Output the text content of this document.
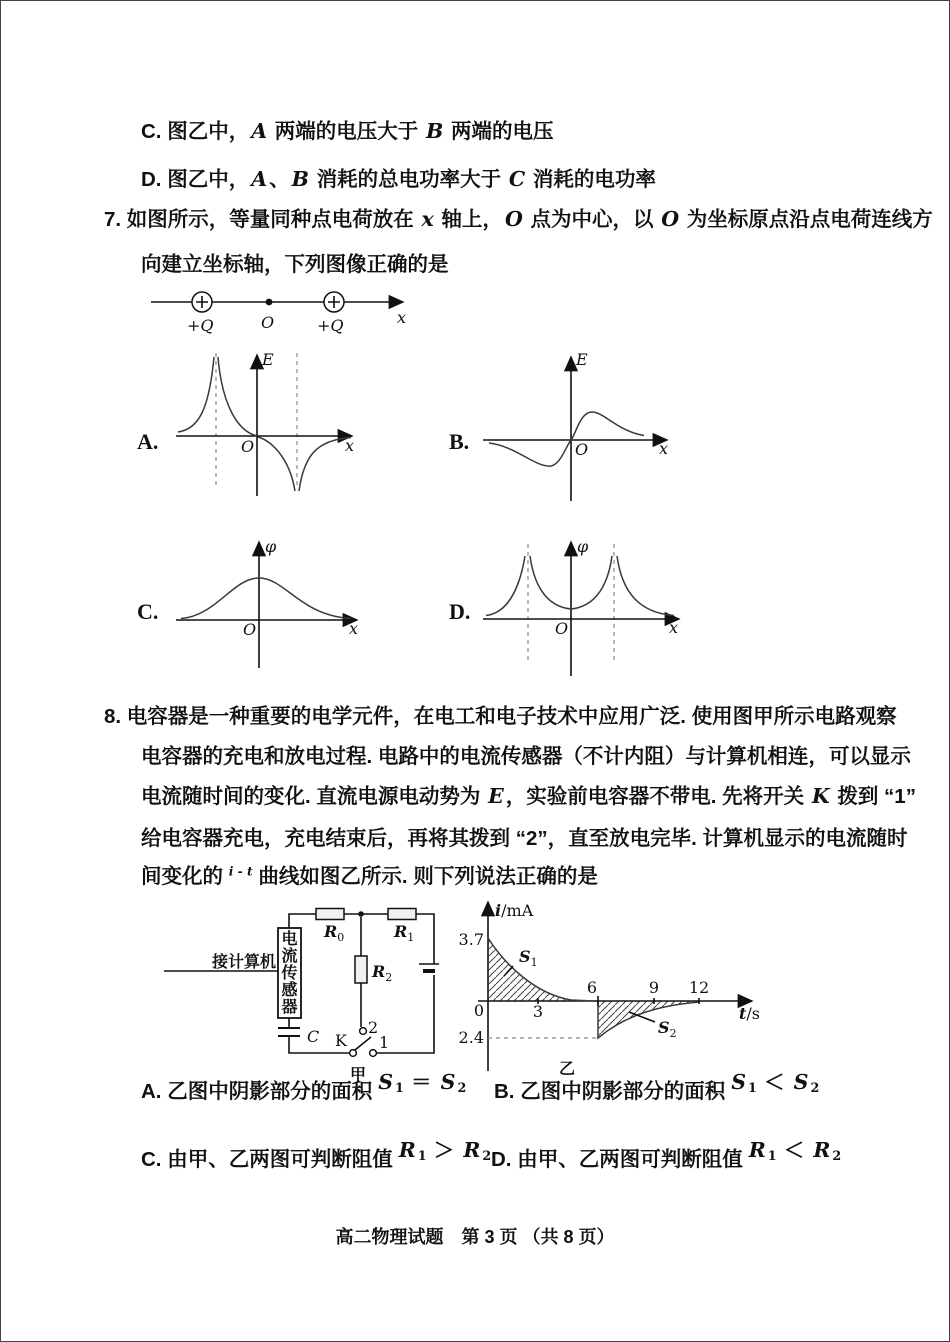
C. 图乙中，A 两端的电压大于 B 两端的电压
D. 图乙中，A、B 消耗的总电功率大于 C 消耗的电功率
7. 如图所示，等量同种点电荷放在 x 轴上，O 点为中心，以 O 为坐标原点沿点电荷连线方
向建立坐标轴，下列图像正确的是
+Q	O	+Q	x
A.
E
O	x	B.
E
O	x
C.
φ
O	x
D.
φ
O	x
8. 电容器是一种重要的电学元件，在电工和电子技术中应用广泛. 使用图甲所示电路观察
电容器的充电和放电过程. 电路中的电流传感器（不计内阻）与计算机相连，可以显示
电流随时间的变化. 直流电源电动势为 E，实验前电容器不带电. 先将开关 K 拨到 “1”
给电容器充电，充电结束后，再将其拨到 “2”，直至放电完毕. 计算机显示的电流随时
间变化的 $^{i - t}$ 曲线如图乙所示. 则下列说法正确的是
电流传感器
接计算机
$R_0$	$R_1$
$R_2$
C K
2
1
甲
i/mA
t/s
3.7
2.4
0	3
6	9 12
$S_1$
$S_2$
乙
A. 乙图中阴影部分的面积 S 1 ＝ S 2 B. 乙图中阴影部分的面积 S 1 ＜ S 2
C. 由甲、乙两图可判断阻值 R 1 ＞ R 2 D. 由甲、乙两图可判断阻值 R 1 ＜ R 2
高二物理试题　第 3 页 （共 8 页）
